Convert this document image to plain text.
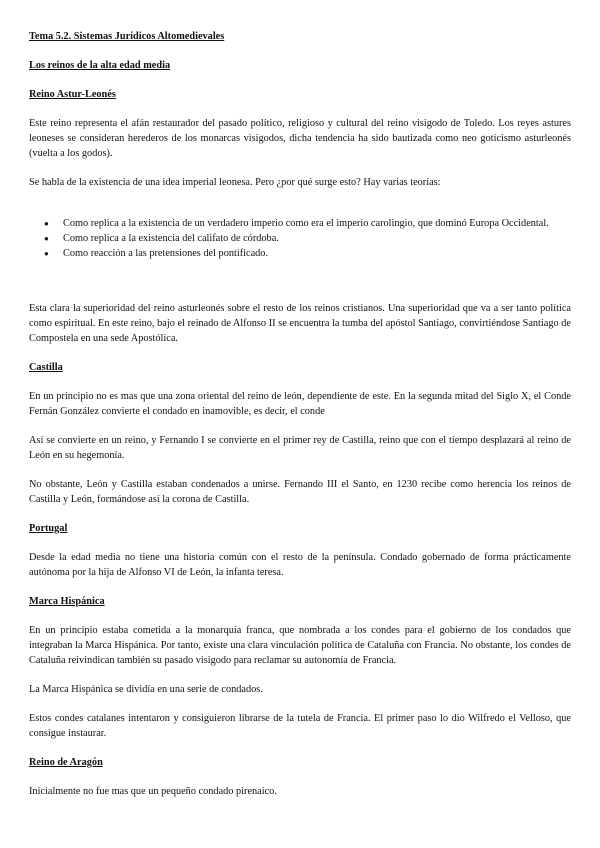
Tema 5.2. Sistemas Jurídicos Altomedievales
Los reinos de la alta edad media
Reino Astur-Leonés

Este reino representa el afán restaurador del pasado político, religioso y cultural del reino visigodo de Toledo. Los reyes astures leoneses se consideran herederos de los monarcas visigodos, dicha tendencia ha sido bautizada como neo goticismo asturleonés (vuelta a los godos).

Se habla de la existencia de una idea imperial leonesa. Pero ¿por qué surge esto? Hay varias teorías:

● Como replica a la existencia de un verdadero imperio como era el imperio carolingio, que dominó Europa Occidental.
● Como replica a la existencia del califato de córdoba.
● Como reacción a las pretensiones del pontificado.

Esta clara la superioridad del reino asturleonés sobre el resto de los reinos cristianos. Una superioridad que va a ser tanto política como espiritual. En este reino, bajo el reinado de Alfonso II se encuentra la tumba del apóstol Santiago, convirtiéndose Santiago de Compostela en una sede Apostólica.

Castilla

En un principio no es mas que una zona oriental del reino de león, dependiente de este. En la segunda mitad del Siglo X, el Conde Fernán González convierte el condado en inamovible, es decir, el conde

Así se convierte en un reino, y Fernando I se convierte en el primer rey de Castilla, reino que con el tiempo desplazará al reino de León en su hegemonía.

No obstante, León y Castilla estaban condenados a unirse. Fernando III el Santo, en 1230 recibe como herencia los reinos de Castilla y León, formándose así la corona de Castilla.

Portugal

Desde la edad media no tiene una historia común con el resto de la península. Condado gobernado de forma prácticamente autónoma por la hija de Alfonso VI de León, la infanta teresa.

Marca Hispánica

En un principio estaba cometida a la monarquía franca, que nombrada a los condes para el gobierno de los condados que integraban la Marca Hispánica. Por tanto, existe una clara vinculación política de Cataluña con Francia. No obstante, los condes de Cataluña reivindican también su pasado visigodo para reclamar su autonomía de Francia.

La Marca Hispánica se dividía en una serie de condados.

Estos condes catalanes intentaron y consiguieron librarse de la tutela de Francia. El primer paso lo dio Wilfredo el Velloso, que consigue instaurar.

Reino de Aragón

Inicialmente no fue mas que un pequeño condado pirenaico.
